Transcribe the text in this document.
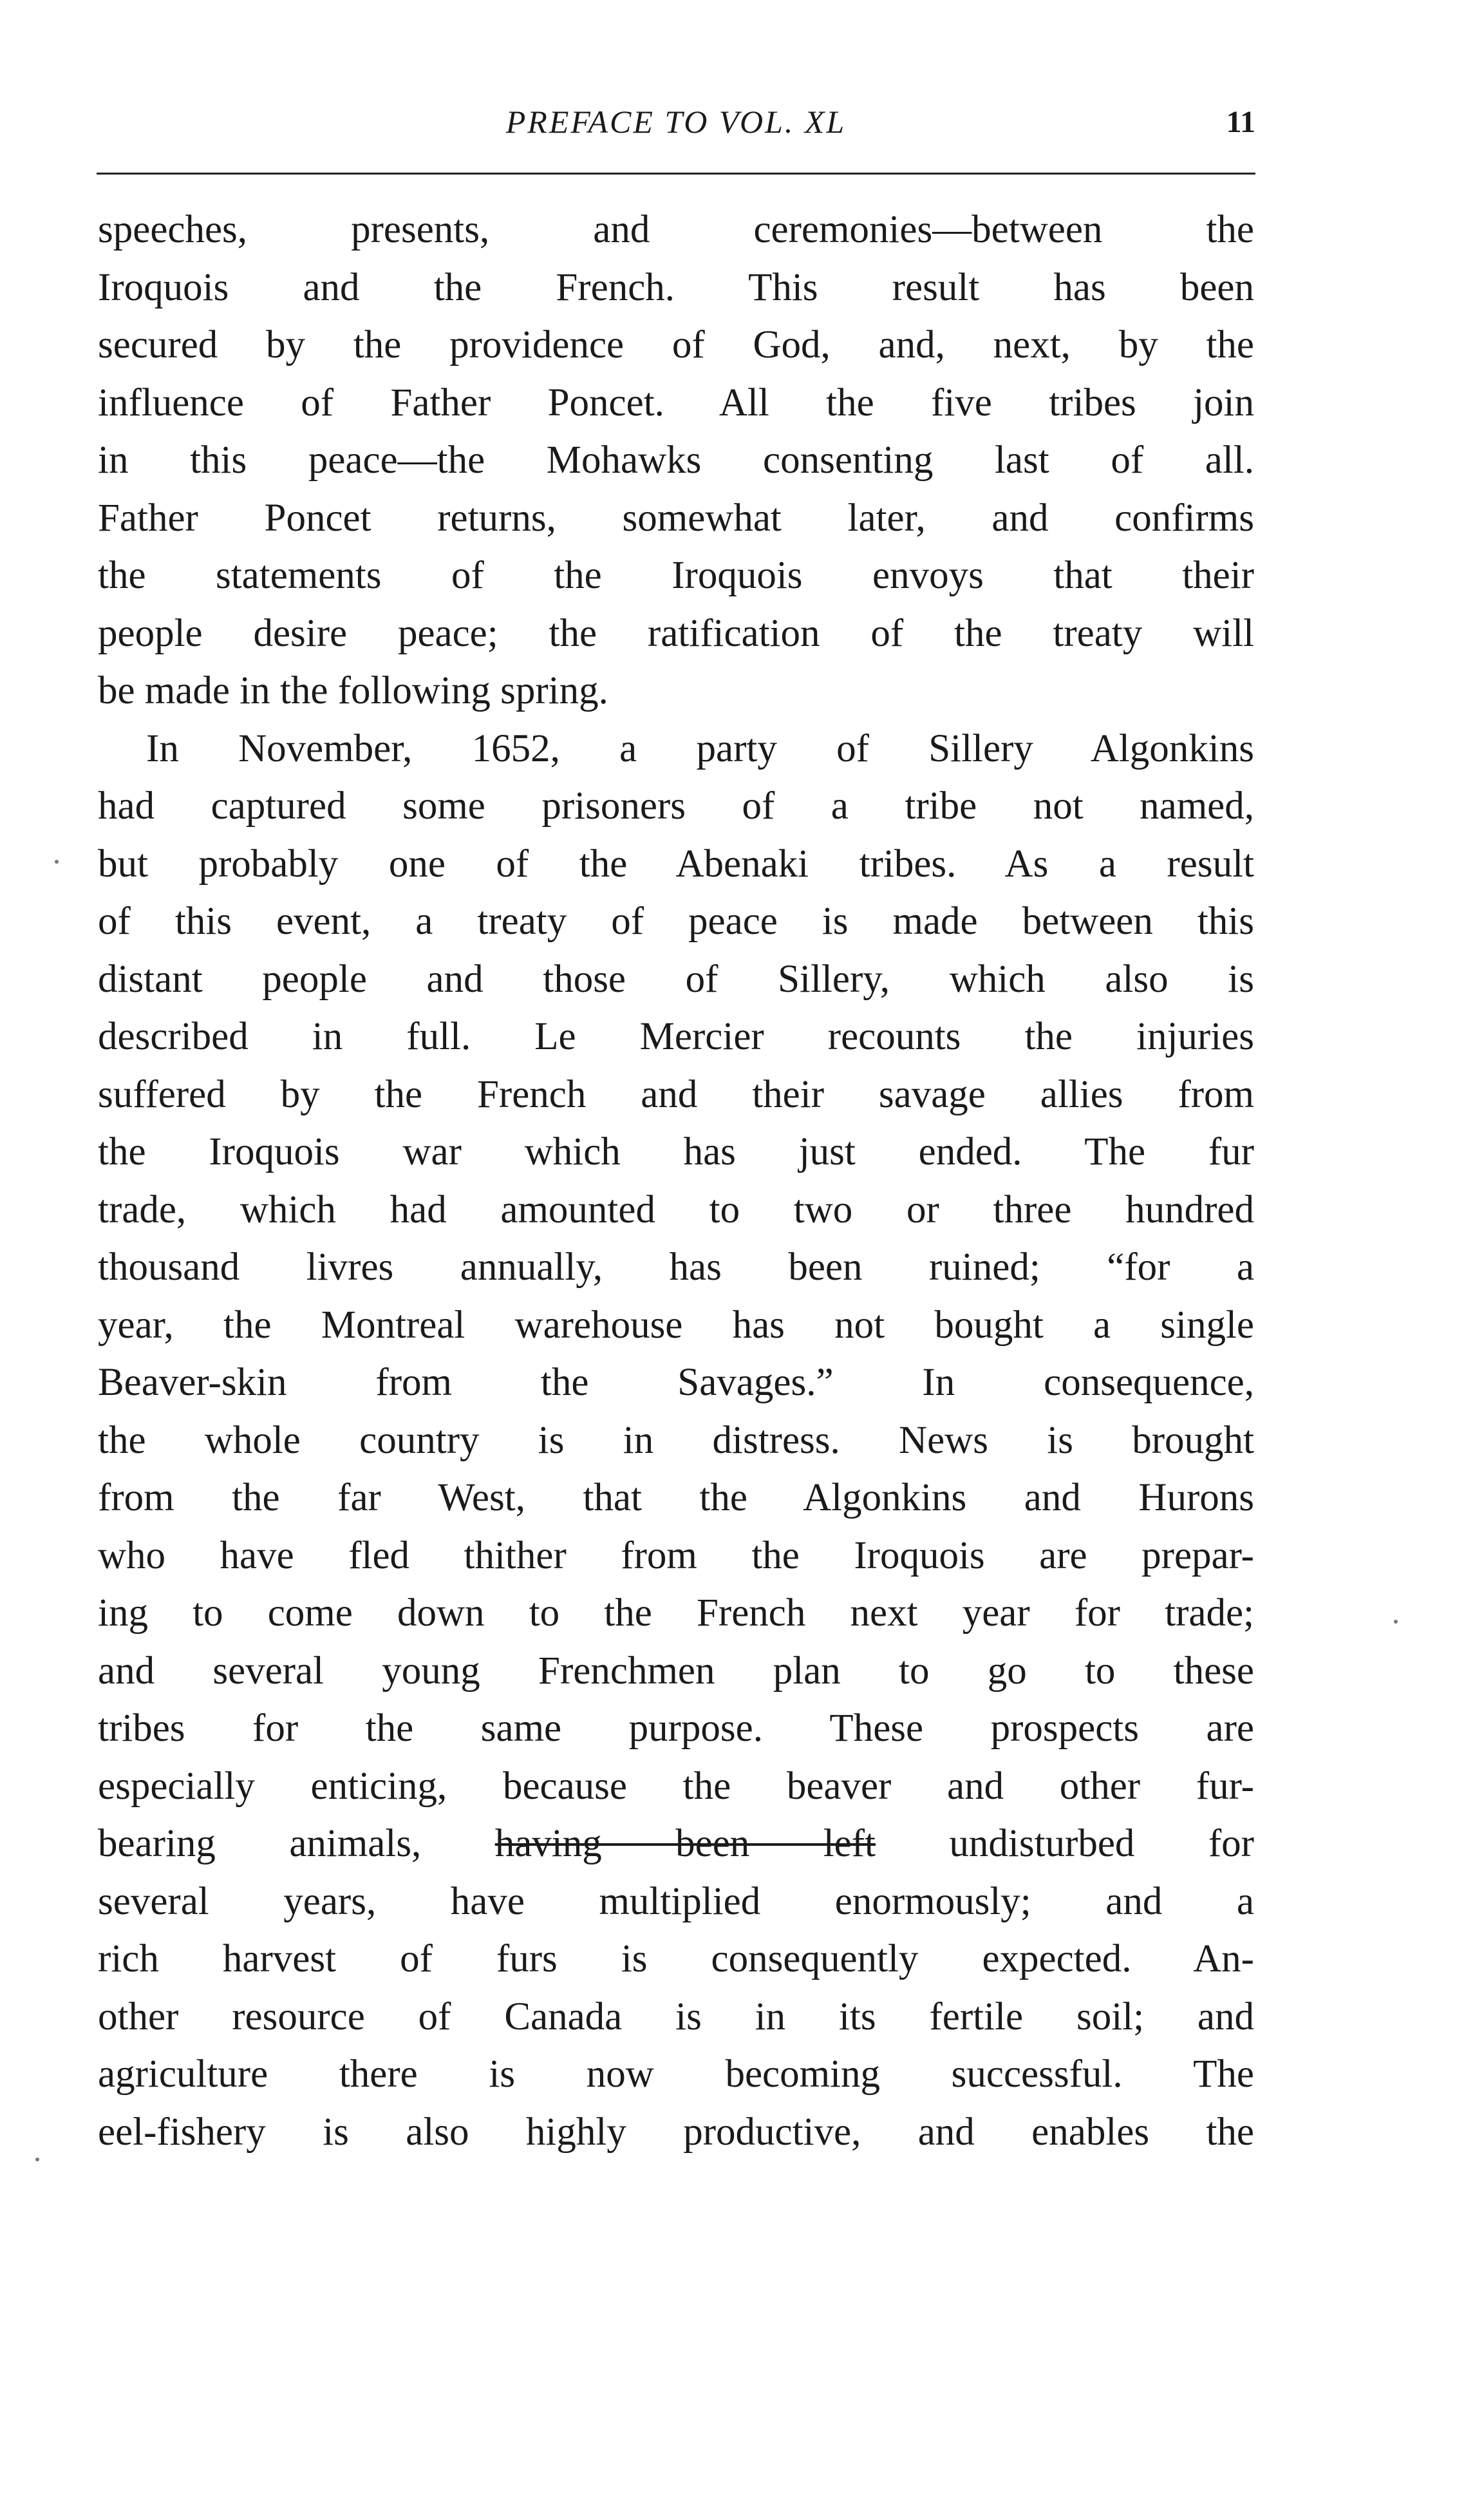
PREFACE TO VOL. XL	11
speeches, presents, and ceremonies—between the
Iroquois and the French. This result has been
secured by the providence of God, and, next, by the
influence of Father Poncet. All the five tribes join
in this peace—the Mohawks consenting last of all.
Father Poncet returns, somewhat later, and confirms
the statements of the Iroquois envoys that their
people desire peace; the ratification of the treaty will
be made in the following spring.
In November, 1652, a party of Sillery Algonkins
had captured some prisoners of a tribe not named,
but probably one of the Abenaki tribes. As a result
of this event, a treaty of peace is made between this
distant people and those of Sillery, which also is
described in full. Le Mercier recounts the injuries
suffered by the French and their savage allies from
the Iroquois war which has just ended. The fur
trade, which had amounted to two or three hundred
thousand livres annually, has been ruined; “for a
year, the Montreal warehouse has not bought a single
Beaver-skin from the Savages.” In consequence,
the whole country is in distress. News is brought
from the far West, that the Algonkins and Hurons
who have fled thither from the Iroquois are prepar-
ing to come down to the French next year for trade;
and several young Frenchmen plan to go to these
tribes for the same purpose. These prospects are
especially enticing, because the beaver and other fur-
bearing animals, having been left undisturbed for
several years, have multiplied enormously; and a
rich harvest of furs is consequently expected. An-
other resource of Canada is in its fertile soil; and
agriculture there is now becoming successful. The
eel-fishery is also highly productive, and enables the
